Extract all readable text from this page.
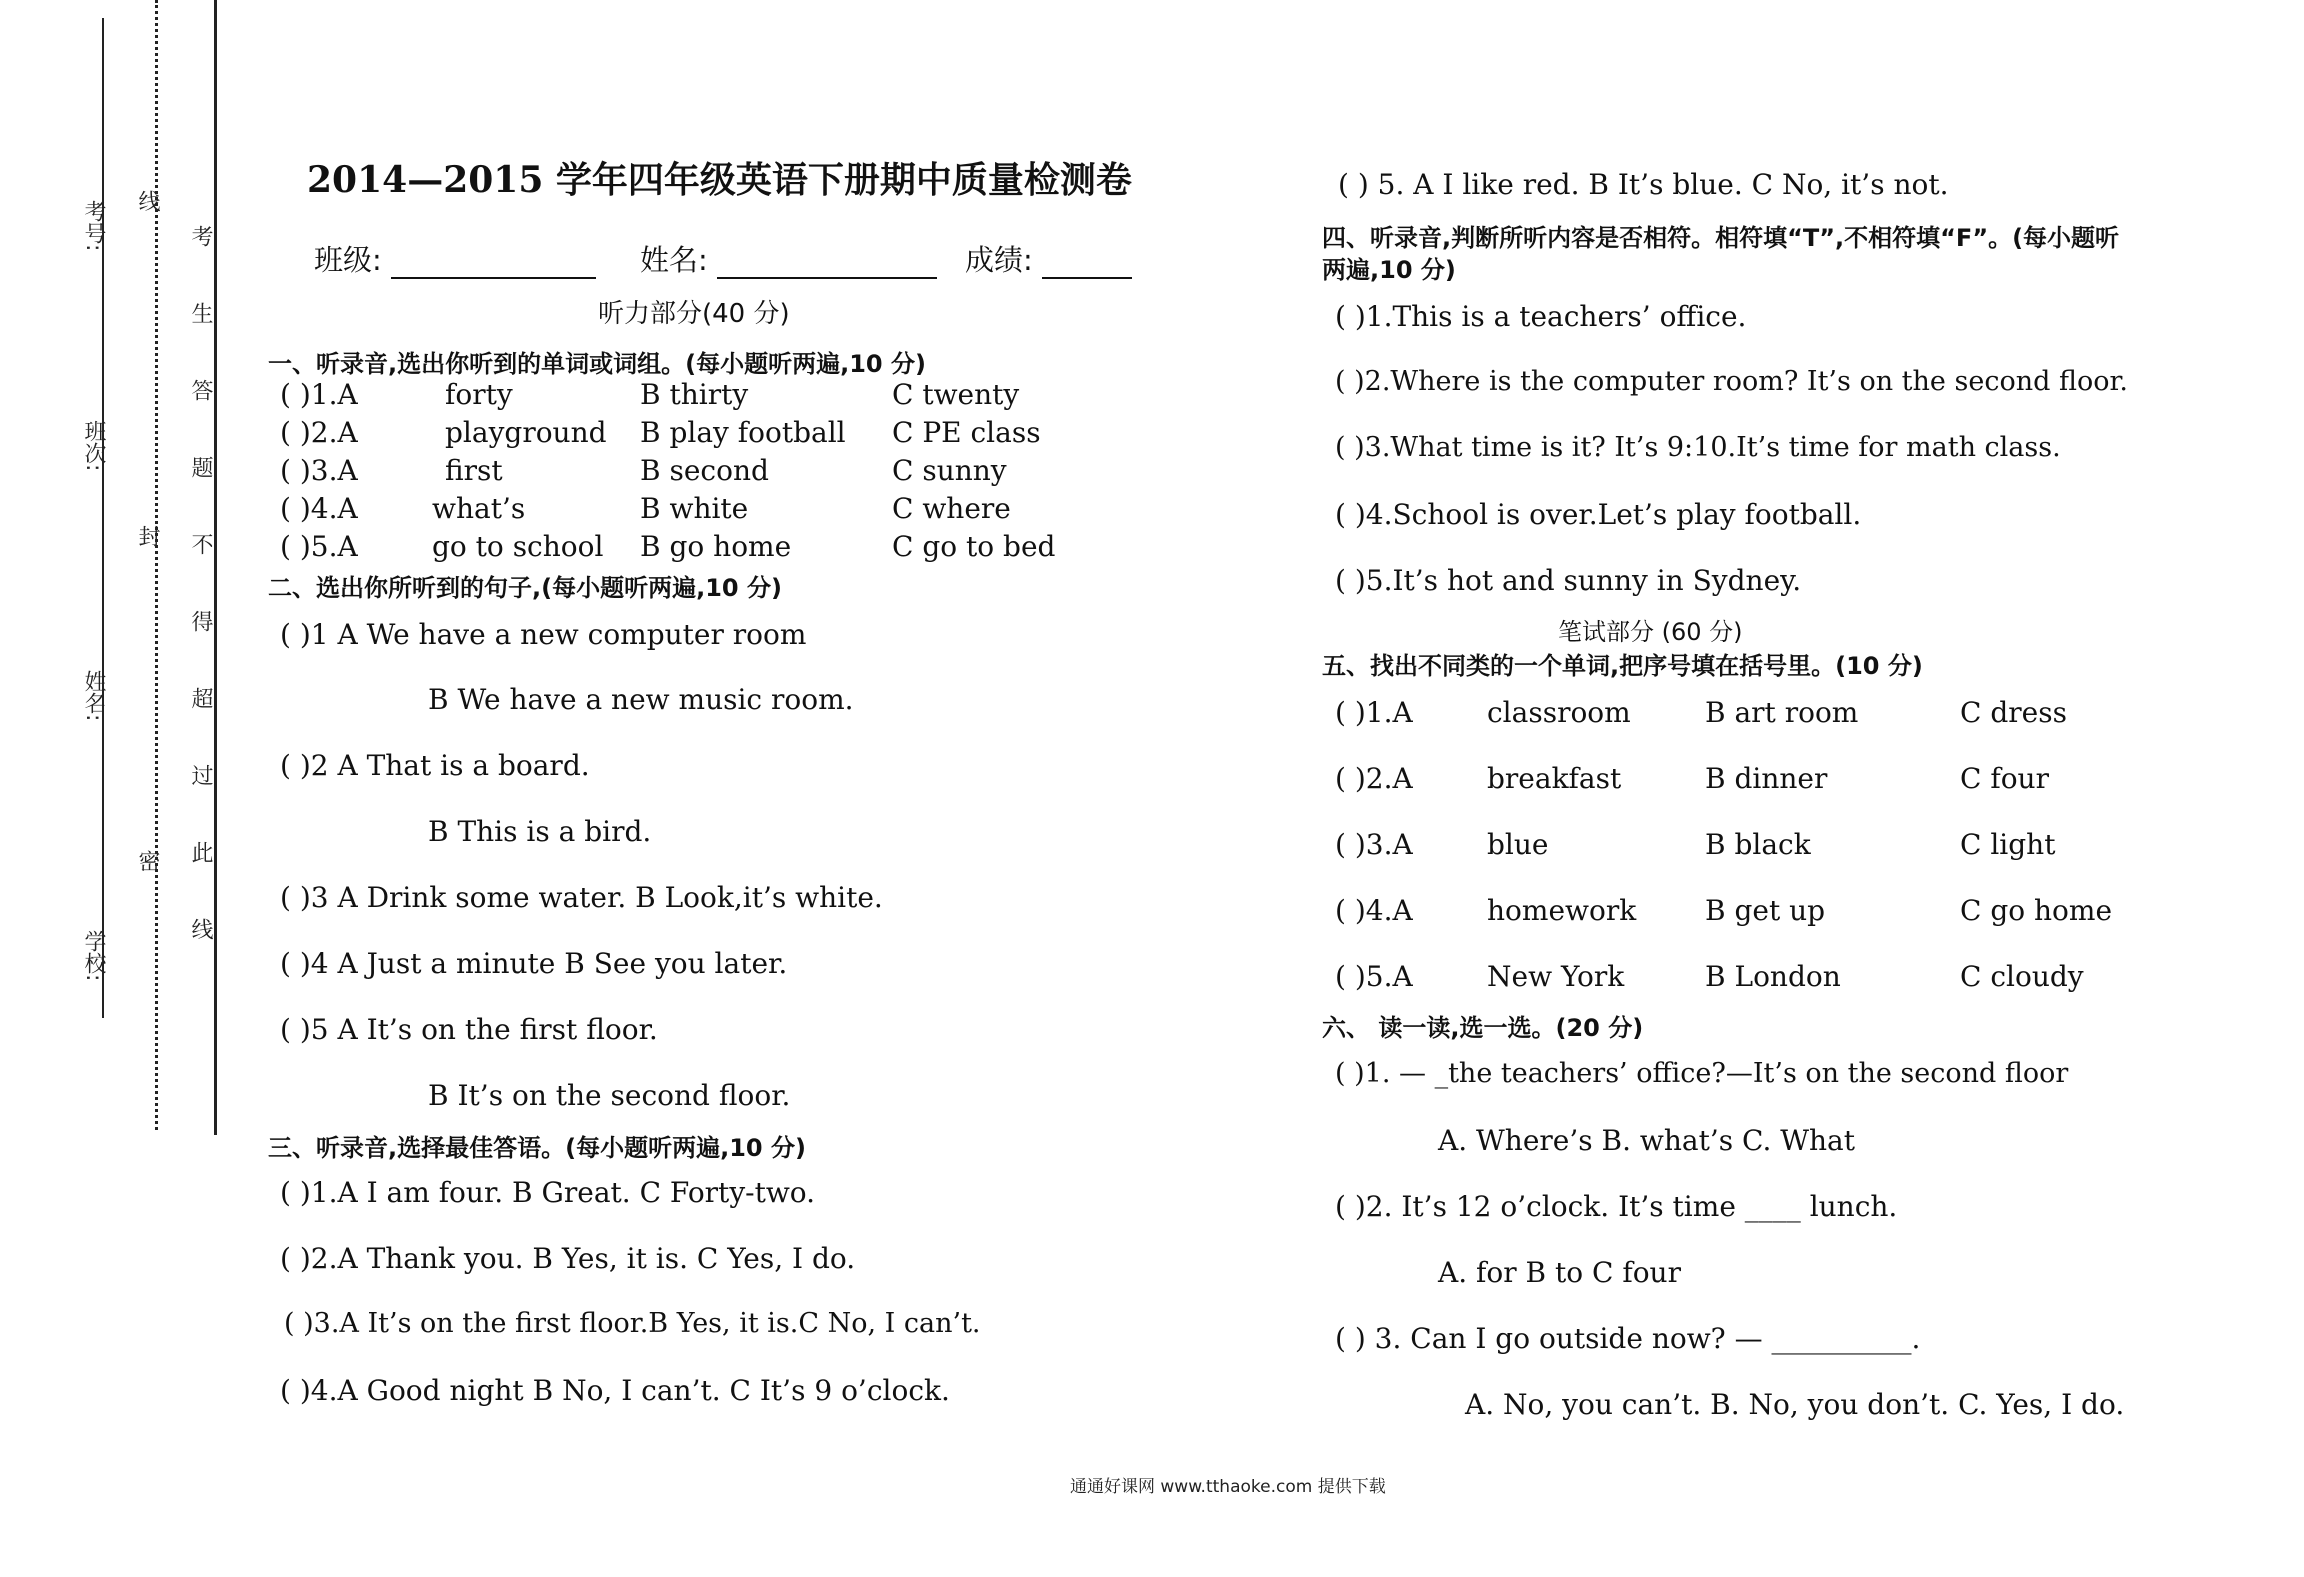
考号: 线
班次:
封
姓名:
密
学校:	考 生 答 题 不 得 超 过 此 线
2014—2015 学年四年级英语下册期中质量检测卷
班级:	姓名:	成绩:
听力部分(40 分)
一、听录音,选出你听到的单词或词组。(每小题听两遍,10 分)
( )1.A	forty	B thirty	C twenty
( )2.A	playground B play football C PE class
( )3.A	first	B second	C sunny
( )4.A	what’s	B white	C where
( )5.A	go to school B go home	C go to bed
二、选出你所听到的句子,(每小题听两遍,10 分)
( )1 A We have a new computer room
B We have a new music room.
( )2 A That is a board.
B This is a bird.
( )3 A Drink some water. B Look,it’s white.
( )4 A Just a minute B See you later.
( )5 A It’s on the first floor.
B It’s on the second floor.
三、听录音,选择最佳答语。(每小题听两遍,10 分)
( )1.A I am four. B Great. C Forty-two.
( )2.A Thank you. B Yes, it is. C Yes, I do.
( )3.A It’s on the first floor.B Yes, it is.C No, I can’t.
( )4.A Good night B No, I can’t. C It’s 9 o’clock.
( ) 5. A I like red. B It’s blue. C No, it’s not.
四、听录音,判断所听内容是否相符。相符填“T”,不相符填“F”。(每小题听
两遍,10 分)
( )1.This is a teachers’ office.
( )2.Where is the computer room? It’s on the second floor.
( )3.What time is it? It’s 9:10.It’s time for math class.
( )4.School is over.Let’s play football.
( )5.It’s hot and sunny in Sydney.
笔试部分 (60 分)
五、找出不同类的一个单词,把序号填在括号里。(10 分)
( )1.A	classroom	B art room	C dress
( )2.A	breakfast	B dinner	C four
( )3.A	blue	B black	C light
( )4.A	homework B get up	C go home
( )5.A	New York	B London	C cloudy
六、 读一读,选一选。(20 分)
( )1. — _the teachers’ office?—It’s on the second floor
A. Where’s B. what’s C. What
( )2. It’s 12 o’clock. It’s time ____ lunch.
A. for B to C four
( ) 3. Can I go outside now? — __________.
A. No, you can’t. B. No, you don’t. C. Yes, I do.
通通好课网 www.tthaoke.com 提供下载
